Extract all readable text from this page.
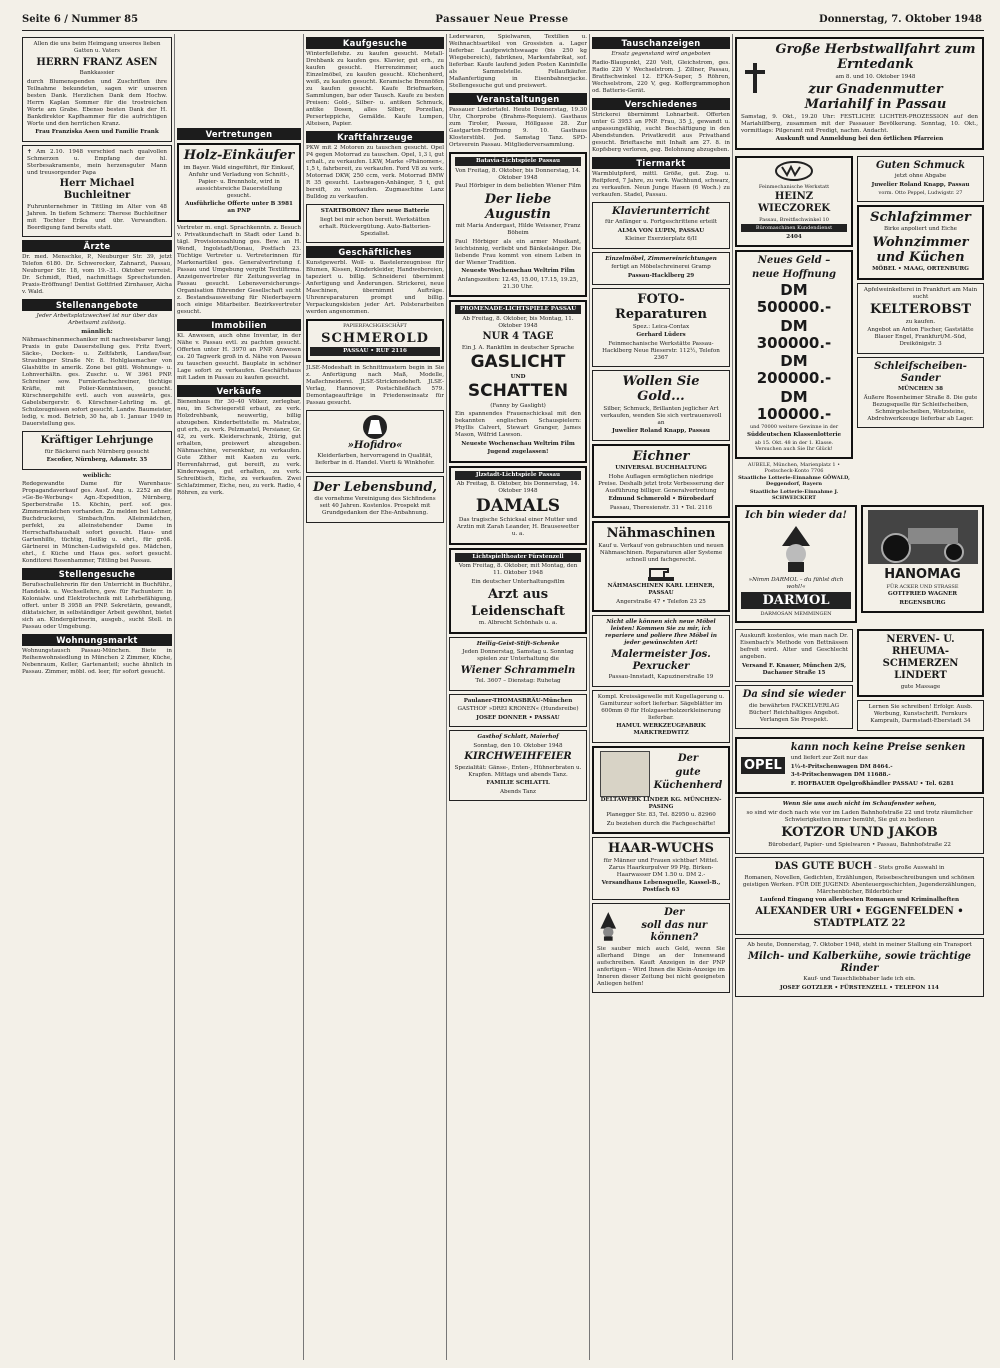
Seite 6 / Nummer 85	Passauer Neue Presse	Donnerstag, 7. Oktober 1948

Allen die uns beim Heimgang unseres lieben Gatten u. Vaters

HERRN FRANZ ASEN

Bankkassier

durch Blumenspenden und Zuschriften ihre Teilnahme bekundeten, sagen wir unseren besten Dank. Herzlichen Dank dem Hochw. Herrn Kaplan Sommer für die trostreichen Worte am Grabe. Ebenso besten Dank der H. Bankdirektor Kapfhammer für die aufrichtigen Worte und den herrlichen Kranz.

Frau Franziska Asen und Familie Frank

✝ Am 2.10. 1948 verschied nach qualvollen Schmerzen u. Empfang der hl. Sterbesakramente, mein herzensguter Mann und treusorgender Papa

Herr Michael Buchleitner

Fuhrunternehmer in Tittling im Alter von 48 Jahren. In tiefem Schmerz: Therese Buchleitner mit Tochter Erika und übr. Verwandten. Beerdigung fand bereits statt.

Ärzte

Dr. med. Menschke, P., Neuburger Str. 39, jetzt Telefon 6180. Dr. Schwerecker, Zahnarzt, Passau, Neuburger Str. 18, vom 19.–31. Oktober verreist. Dr. Schmidt, Ried, nachmittags Sprechstunden. Praxis-Eröffnung! Dentist Gottfried Zirnhauer, Aicha v. Wald.

Stellenangebote

Jeder Arbeitsplatzwechsel ist nur über das Arbeitsamt zulässig.

männlich:

Nähmaschinenmechaniker mit nachweisbarer langj. Praxis in gute Dauerstellung ges. Fritz Evert, Säcke-, Decken- u. Zeltfabrik, Landau/Isar, Straubinger Straße Nr. 8. Hohlglasmacher von Glashütte in amerik. Zone bei gütl. Wohnungs- u. Lohnverhältn. ges. Zuschr. u. W 3961 PNP. Schreiner sow. Furnierfachschreiner, tüchtige Kräfte, mit Polier-Kenntnissen, gesucht. Kürschnergehilfe evtl. auch von auswärts, ges. Gabelsbergerstr. 6. Kürschner-Lehrling m. gt. Schulzeugnissen sofort gesucht. Landw. Baumeister, ledig, v. mod. Betrieb, 30 ha, ab 1. Januar 1949 in Dauerstellung ges.

Kräftiger Lehrjunge

für Bäckerei nach Nürnberg gesucht

Escofier, Nürnberg, Adamstr. 35

weiblich:

Redegewandte Dame für Warenhaus-Propagandaverkauf ges. Ausf. Ang. u. 2252 an die »Ge-Be-Werbung« Agn.-Expedition, Nürnberg, Sperberstraße 15. Köchin, perf. sof. ges. Zimmermädchen vorhanden. Zu melden bei Lehner, Buchdruckerei, Simbach/Inn. Alleinmädchen, perfekt, zu alleinstehender Dame in Herrschaftshaushalt sofort gesucht. Haus- und Gartenhilfe, tüchtig, fleißig u. ehrl., für größ. Gärtnerei in München-Ludwigsfeld ges. Mädchen, ehrl., f. Küche und Haus ges. sofort gesucht. Konditorei Rosenhammer, Tittling bei Passau.

Stellengesuche

Berufsschullehrerin für den Unterricht in Buchführ., Handelsk. u. Wechsellehre, gew. für Fachunterr. in Kolonialw. und Elektrotechnik mit Lehrbefähigung, offert. unter B 3958 an PNP. Sekretärin, gewandt, diktatsicher, in selbständiger Arbeit gewöhnt, bietet sich an. Kindergärtnerin, ausgeb., sucht Stell. in Passau oder Umgebung.

Wohnungsmarkt

Wohnungstausch Passau-München. Biete in Reihenwohnsiedlung in München 2 Zimmer, Küche, Nebenraum, Keller, Gartenanteil; suche ähnlich in Passau. Zimmer, möbl. od. leer, für sofort gesucht.

Vertretungen

Holz-Einkäufer

im Bayer. Wald eingeführt, für Einkauf, Anfuhr und Verladung von Schnitt-, Papier- u. Brennholz, wird in aussichtsreiche Dauerstellung gesucht.

Ausführliche Offerte unter B 3981 an PNP

Vertreter m. engl. Sprachkenntn. z. Besuch v. Privatkundschaft in Stadt oder Land b. tägl. Provisionszahlung ges. Bew. an H. Wendl, Ingolstadt/Donau, Postfach 23. Tüchtige Vertreter u. Vertreterinnen für Markenartikel ges. Generalvertretung f. Passau und Umgebung vergibt Textilfirma. Anzeigenvertreter für Zeitungsverlag in Passau gesucht. Lebensversicherungs-Organisation führender Gesellschaft sucht z. Bestandsausweitung für Niederbayern noch einige Mitarbeiter. Bezirksvertreter gesucht.

Immobilien

Kl. Anwesen, auch ohne Inventar, in der Nähe v. Passau evtl. zu pachten gesucht. Offerten unter H. 3970 an PNP. Anwesen ca. 20 Tagwerk groß in d. Nähe von Passau zu tauschen gesucht. Bauplatz in schöner Lage sofort zu verkaufen. Geschäftshaus mit Laden in Passau zu kaufen gesucht.

Verkäufe

Bienenhaus für 30–40 Völker, zerlegbar, neu, im Schwiegerstil erbaut, zu verk. Holzdrehbank, neuwertig, billig abzugeben. Kinderbettstelle m. Matratze, gut erh., zu verk. Pelzmantel, Persianer, Gr. 42, zu verk. Kleiderschrank, 2türig, gut erhalten, preiswert abzugeben. Nähmaschine, versenkbar, zu verkaufen. Gute Zither mit Kasten zu verk. Herrenfahrrad, gut bereift, zu verk. Kinderwagen, gut erhalten, zu verk. Schreibtisch, Eiche, zu verkaufen. Zwei Schlafzimmer, Eiche, neu, zu verk. Radio, 4 Röhren, zu verk.

Kaufgesuche

Winterfellefebz. zu kaufen gesucht. Metall-Drehbank zu kaufen ges. Klavier, gut erh., zu kaufen gesucht. Herrenzimmer, auch Einzelmöbel, zu kaufen gesucht. Küchenherd, weiß, zu kaufen gesucht. Keramische Brennöfen zu kaufen gesucht. Kaufe Briefmarken, Sammlungen, bar oder Tausch. Kaufe zu besten Preisen: Gold-, Silber- u. antiken Schmuck, antike Dosen, alles Silber, Porzellan, Perserteppiche, Gemälde. Kaufe Lumpen, Alteisen, Papier.

Kraftfahrzeuge

PKW mit 2 Motoren zu tauschen gesucht. Opel P4 gegen Motorrad zu tauschen. Opel, 1,3 l, gut erhalt., zu verkaufen. LKW, Marke »Phänomen«, 1,5 t, fahrbereit, zu verkaufen. Ford V8 zu verk. Motorrad DKW, 250 ccm, verk. Motorrad BMW R 35 gesucht. Lastwagen-Anhänger, 5 t, gut bereift, zu verkaufen. Zugmaschine Lanz Bulldog zu verkaufen.

STARTBORON? Ihre neue Batterie

liegt bei mir schon bereit. Werkstätten erhalt. Rückvergütung. Auto-Batterien-Spezialist.

Geschäftliches

Kunstgewerbl. Woll- u. Bastelerzeugnisse für Blumen, Kissen, Kinderkleider, Handwebereien, tapeziert u. billig. Schneiderei übernimmt Anfertigung und Änderungen. Strickerei, neue Maschinen, übernimmt Aufträge. Uhrenreparaturen prompt und billig. Verpackungskisten jeder Art. Polsterarbeiten werden angenommen.

PAPIERFACHGESCHÄFT

SCHMEROLD

PASSAU • RUF 2116

JLSE-Modeshaft in Schnittmustern begin in Sie z. Anfertigung nach Maß, Modelle, Maßschneiderei. JLSE-Strickmodeheft. JLSE-Verlag, Hannover, Postschließfach 579. Demontageaufträge in Friedenseinsatz für Passau gesucht.

»Hofidro«

Kleiderfarben, hervorragend in Qualität, lieferbar in d. Handel. Vierti & Winkhofer.

Der Lebensbund,

die vornehme Vereinigung des Sichfindens seit 40 Jahren. Kostenlos. Prospekt mit Grundgedanken der Ehe-Anbahnung.

Lederwaren, Spielwaren, Textilien u. Weihnachtsartikel von Grossisten a. Lager lieferbar. Laufgewichtswaage (bis 250 kg Wiegebereich), fabrikneu, Markenfabrikat, sof. lieferbar. Kaufe laufend jeden Posten Kaninfelle als Sammelstelle. Fellaufkäufer. Maßanfertigung in Eisenbahnerjacke. Stellengesuche gut und preiswert.

Veranstaltungen

Passauer Liedertafel. Heute Donnerstag, 19.30 Uhr, Chorprobe (Brahms-Requiem). Gasthaus zum Tiroler, Passau, Höllgasse 28. Zur Gastgarten-Eröffnung 9. 10. Gasthaus Klosterstübl. Jed. Samstag Tanz. SPD-Ortsverein Passau. Mitgliederversammlung.

Batavia-Lichtspiele Passau

Von Freitag, 8. Oktober, bis Donnerstag, 14. Oktober 1948

Paul Hörbiger in dem beliebten Wiener Film

Der liebe Augustin

mit Maria Andergast, Hilde Weissner, Franz Böheim

Paul Hörbiger als ein armer Musikant, leichtsinnig, verliebt und Bänkelsänger. Die liebende Frau kommt von einem Leben in der Wiener Tradition.

Neueste Wochenschau Weltrim Film

Anfangszeiten: 12.45, 15.00, 17.15, 19.25, 21.30 Uhr.

PROMENADE-LICHTSPIELE PASSAU

Ab Freitag, 8. Oktober, bis Montag, 11. Oktober 1948

NUR 4 TAGE

Ein J. A. Rankfilm in deutscher Sprache

GASLICHT

UND

SCHATTEN

(Fanny by Gaslight)

Ein spannendes Frauenschicksal mit den bekannten englischen Schauspielern: Phyllis Calvert, Stewart Granger, James Mason, Wilfrid Lawson.

Neueste Wochenschau Weltrim Film

Jugend zugelassen!

Jlzstadt-Lichtspiele Passau

Ab Freitag, 8. Oktober, bis Donnerstag, 14. Oktober 1948

DAMALS

Das tragische Schicksal einer Mutter und Arztin mit Zarah Leander, H. Brausewetter u. a.

Lichtspielthoater Fürstenzell

Vom Freitag, 8. Oktober, mit Montag, den 11. Oktober 1948

Ein deutscher Unterhaltungsfilm

Arzt aus

Leidenschaft

m. Albrecht Schönhals u. a.

Heilig-Geist-Stift-Schenke

Jeden Donnerstag, Samstag u. Sonntag spielen zur Unterhaltung die

Wiener Schrammeln

Tel. 3607 – Dienstag: Ruhetag

Paulaner-THOMASBRÄU-München

GASTHOF »DREI KRONEN« (Hundsreibe)

JOSEF DONNER • PASSAU

Gasthof Schlatt, Maierhof

Sonntag, den 10. Oktober 1948

KIRCHWEIHFEIER

Spezialität: Gänse-, Enten-, Hühnerbraten u. Krapfen. Mittags und abends Tanz.

FAMILIE SCHLATTL

Abends Tanz

Tauschanzeigen

Ersatz gegenstand wird angeboten

Radio-Blaupunkt, 220 Volt, Gleichstrom, ges. Radio 220 V Wechselstrom. J. Zillner, Passau, Bratfischwinkel 12. EFKA-Super, 5 Röhren, Wechselstrom, 220 V, geg. Koffergrammophon od. Batterie-Gerät.

Verschiedenes

Strickerei übernimmt Lohnarbeit. Offerten unter G 3953 an PNP. Frau, 35 J., gewandt u. anpassungsfähig, sucht Beschäftigung in den Abendstunden. Privatkredit aus Privathand gesucht. Brieftasche mit Inhalt am 27. 8. in Kopfsberg verloren, geg. Belohnung abzugeben.

Tiermarkt

Warmblutpferd, mittl. Größe, gut. Zug. u. Reitpferd, 7 Jahre, zu verk. Wachhund, schwarz, zu verkaufen. Neun Junge Hasen (6 Woch.) zu verkaufen. Stadel, Passau.

Klavierunterricht

für Anfänger u. Fortgeschrittene erteilt

ALMA VON LUPIN, PASSAU

Kleiner Exerzierplatz 6/II

Einzelmöbel, Zimmereinrichtungen

fertigt an Möbelschreinerei Gramp

Passau-Hacklberg 29

FOTO-Reparaturen

Spez.: Leica-Contax

Gerhard Lüders

Feinmechanische Werkstätte Passau-Hacklberg Neue Rieserstr. 112½, Telefon 2367

Wollen Sie Gold...

Silber, Schmuck, Brillanten jeglicher Art verkaufen, wenden Sie sich vertrauensvoll an

Juwelier Roland Knapp, Passau

Eichner

UNIVERSAL BUCHHALTUNG

Hohe Auflagen ermöglichen niedrige Preise. Deshalb jetzt trotz Verbesserung der Ausführung billiger. Generalvertretung

Edmund Schmerold • Bürobedarf

Passau, Theresienstr. 31 • Tel. 2116

Nähmaschinen

Kauf u. Verkauf von gebrauchten und neuen Nähmaschinen. Reparaturen aller Systeme schnell und fachgerecht.

NÄHMASCHINEN KARL LEHNER, PASSAU

Angerstraße 47 • Telefon 23 25

Nicht alle können sich neue Möbel leisten! Kommen Sie zu mir, ich repariere und poliere Ihre Möbel in jeder gewünschten Art!

Malermeister Jos. Pexrucker

Passau-Innstadt, Kapuzinerstraße 19

Kompl. Kreissägewelle mit Kugellagerung u. Gamiturzur sofort lieferbar. Sägeblätter im 600mm Ø für Holzgaserholzzerkleinerung lieferbar.

HAMUL WERKZEUGFABRIK MARKTREDWITZ

Der

gute

Küchenherd

DELTAWERK LINDER KG. MÜNCHEN-PASING

Planegger Str. 83, Tel. 82950 u. 82960

Zu beziehen durch die Fachgeschäfte!

HAAR-WUCHS

für Männer und Frauen sichtbar! Mittel. Zarus Haarkurpulver 99 Pfg. Birken-Haarwasser DM 1.50 u. DM 2.-

Versandhaus Lebensquelle, Kassel-B., Postfach 63

Der

soll das nur können?

Sie sauber mich auch Geld, wenn Sie allerhand Dinge an der Innenwand aufschreiben. Kauft Anzeigen in der PNP anfertigen – Wird Ihnen die Klein-Anzeige im Inneren dieser Zeitung bei nicht geeigneten Anliegen helfen!

Große Herbstwallfahrt zum Erntedank

am 8. und 10. Oktober 1948

zur Gnadenmutter Mariahilf in Passau

Samstag, 9. Okt., 19.20 Uhr: FESTLICHE LICHTER-PROZESSION auf den Mariahilfberg, zusammen mit der Passauer Bevölkerung. Sonntag, 10. Okt., vormittags: Pilgeramt mit Predigt, nachm. Andacht.

Auskunft und Anmeldung bei den örtlichen Pfarreien

Feinmechanische Werkstatt

HEINZ WIECZOREK

Passau, Breitfischwinkel 10

Büromaschinen Kundendienst

2404

Neues Geld –

neue Hoffnung

DM 500000.-

DM 300000.-

DM 200000.-

DM 100000.-

und 70000 weitere Gewinne in der

Süddeutschen Klassenlotterie

ab 15. Okt. 48 in der 1. Klasse. Versuchen auch Sie Ihr Glück!

AUBELE, München, Marienplatz 1 • Postscheck-Konto 7706

Staatliche Lotterie-Einnahme GÖWALD, Deggendorf, Bayern

Staatliche Lotterie-Einnahme J. SCHWEICKERT

Guten Schmuck

jetzt ohne Abgabe

Juwelier Roland Knapp, Passau

vorm. Otto Peppel, Ludwigstr. 27

Schlafzimmer

Birke anpoliert und Eiche

Wohnzimmer und Küchen

MÖBEL • MAAG, ORTENBURG

Apfelweinkelterei in Frankfurt am Main sucht

KELTEROBST

zu kaufen.

Angebot an Anton Fischer, Gaststätte Blauer Engel, Frankfurt/M.-Süd, Dreikönigstr. 3

Schleifscheiben-Sander

MÜNCHEN 38

Äußere Rosenheimer Straße 8. Die gute Bezugsquelle für Schleifscheiben, Schmirgelscheiben, Wetzsteine, Abdrehwerkzeuge lieferbar ab Lager.

Ich bin wieder da!

»Nimm DARMOL – du fühlst dich wohl!«

DARMOL

DARMOSAN MEMMINGEN

HANOMAG

FÜR ACKER UND STRASSE

GOTTFRIED WAGNER

REGENSBURG

Auskunft kostenlos, wie man nach Dr. Eisenbach's Methode von Bettnässen befreit wird. Alter und Geschlecht angeben.

Versand F. Knauer, München 2/S, Dachauer Straße 15

Da sind sie wieder

die bewährten FACKELVERLAG Bücher! Reichhaltiges Angebot. Verlangen Sie Prospekt.

NERVEN- U. RHEUMA-SCHMERZEN LINDERT

gute Massage

Lernen Sie schreiben! Erfolgr. Ausb. Werbung, Kunstschrift. Fernkurs Kampraih, Darmstadt-Eberstadt 34

OPEL

kann noch keine Preise senken

und liefert zur Zeit nur das

1½-t-Pritschenwagen DM 8464.-

3-t-Pritschenwagen DM 11688.-

F. HOFBAUER Opelgroßhändler PASSAU • Tel. 6281

Wenn Sie uns auch nicht im Schaufenster sehen,

so sind wir doch nach wie vor im Laden Bahnhofstraße 22 und trotz räumlicher Schwierigkeiten immer bemüht, Sie gut zu bedienen

KOTZOR UND JAKOB

Bürobedarf, Papier- und Spielwaren • Passau, Bahnhofstraße 22

DAS GUTE BUCH – Stets große Auswahl in

Romanen, Novellen, Gedichten, Erzählungen, Reisebeschreibungen und schönen geistigen Werken. FÜR DIE JUGEND: Abenteuergeschichten, Jugenderzählungen, Märchenbücher, Bilderbücher

Laufend Eingang von allerbesten Romanen und Kriminalheften

ALEXANDER URI • EGGENFELDEN • STADTPLATZ 22

Ab heute, Donnerstag, 7. Oktober 1948, steht in meiner Stallung ein Transport

Milch- und Kalberkühe, sowie trächtige Rinder

Kauf- und Tauschliebhaber lade ich ein.

JOSEF GOTZLER • FÜRSTENZELL • TELEFON 114
